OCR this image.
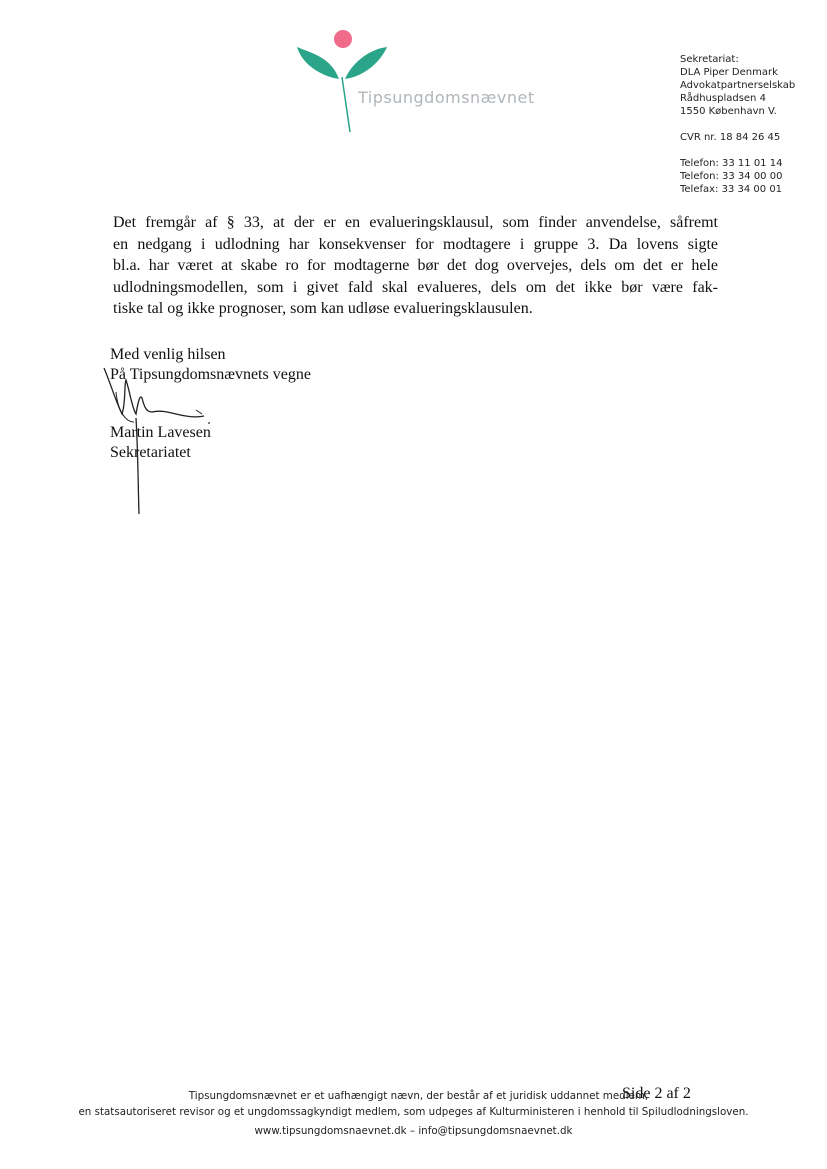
Tipsungdomsnævnet
Sekretariat:
DLA Piper Denmark
Advokatpartnerselskab
Rådhuspladsen 4
1550 København V.
CVR nr. 18 84 26 45
Telefon: 33 11 01 14
Telefon: 33 34 00 00
Telefax: 33 34 00 01
Det fremgår af § 33, at der er en evalueringsklausul, som finder anvendelse, såfremt
en nedgang i udlodning har konsekvenser for modtagere i gruppe 3. Da lovens sigte
bl.a. har været at skabe ro for modtagerne bør det dog overvejes, dels om det er hele
udlodningsmodellen, som i givet fald skal evalueres, dels om det ikke bør være fak-
tiske tal og ikke prognoser, som kan udløse evalueringsklausulen.
Med venlig hilsen
På Tipsungdomsnævnets vegne
Martin Lavesen
Sekretariatet
Side 2 af 2
Tipsungdomsnævnet er et uafhængigt nævn, der består af et juridisk uddannet medlem,
en statsautoriseret revisor og et ungdomssagkyndigt medlem, som udpeges af Kulturministeren i henhold til Spiludlodningsloven.
www.tipsungdomsnaevnet.dk – info@tipsungdomsnaevnet.dk
